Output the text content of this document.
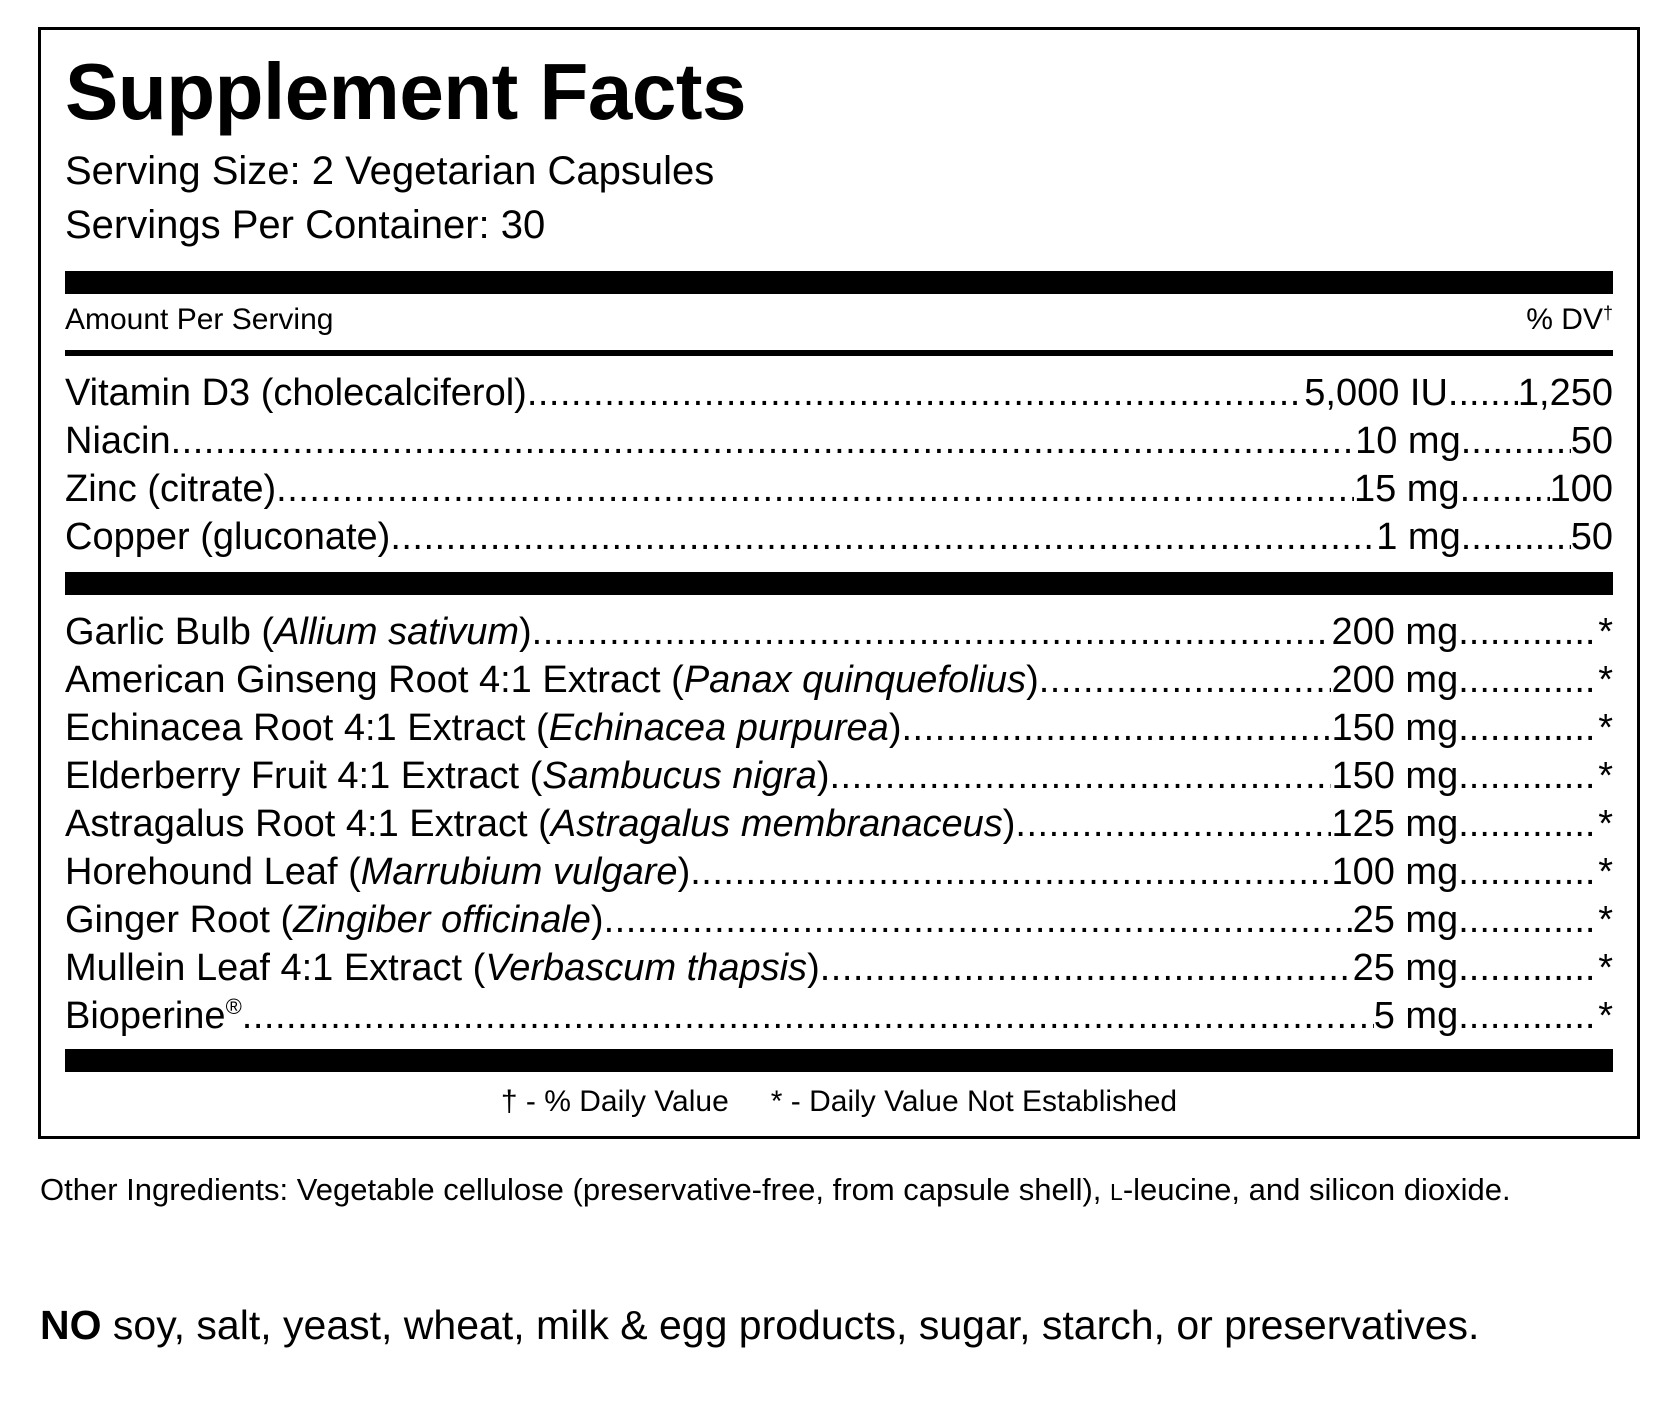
Supplement Facts
Serving Size: 2 Vegetarian Capsules
Servings Per Container: 30
Amount Per Serving	% DV†
Vitamin D3 (cholecalciferol) .....	5,000 IU ..... 1,250
Niacin .....	10 mg .....	50
Zinc (citrate) .....	15 mg ..... 100
Copper (gluconate) .....	1 mg .....	50
Garlic Bulb (Allium sativum) .....	200 mg .....	*
American Ginseng Root 4:1 Extract (Panax quinquefolius) .....	200 mg .....	*
Echinacea Root 4:1 Extract (Echinacea purpurea) .....	150 mg .....	*
Elderberry Fruit 4:1 Extract (Sambucus nigra) .....	150 mg .....	*
Astragalus Root 4:1 Extract (Astragalus membranaceus) .....	125 mg .....	*
Horehound Leaf (Marrubium vulgare) .....	100 mg .....	*
Ginger Root (Zingiber officinale) .....	25 mg .....	*
Mullein Leaf 4:1 Extract (Verbascum thapsis) .....	25 mg .....	*
Bioperine® .....	5 mg .....	*
† - % Daily Value * - Daily Value Not Established
Other Ingredients: Vegetable cellulose (preservative-free, from capsule shell), L-leucine, and silicon dioxide.
NO soy, salt, yeast, wheat, milk & egg products, sugar, starch, or preservatives.
